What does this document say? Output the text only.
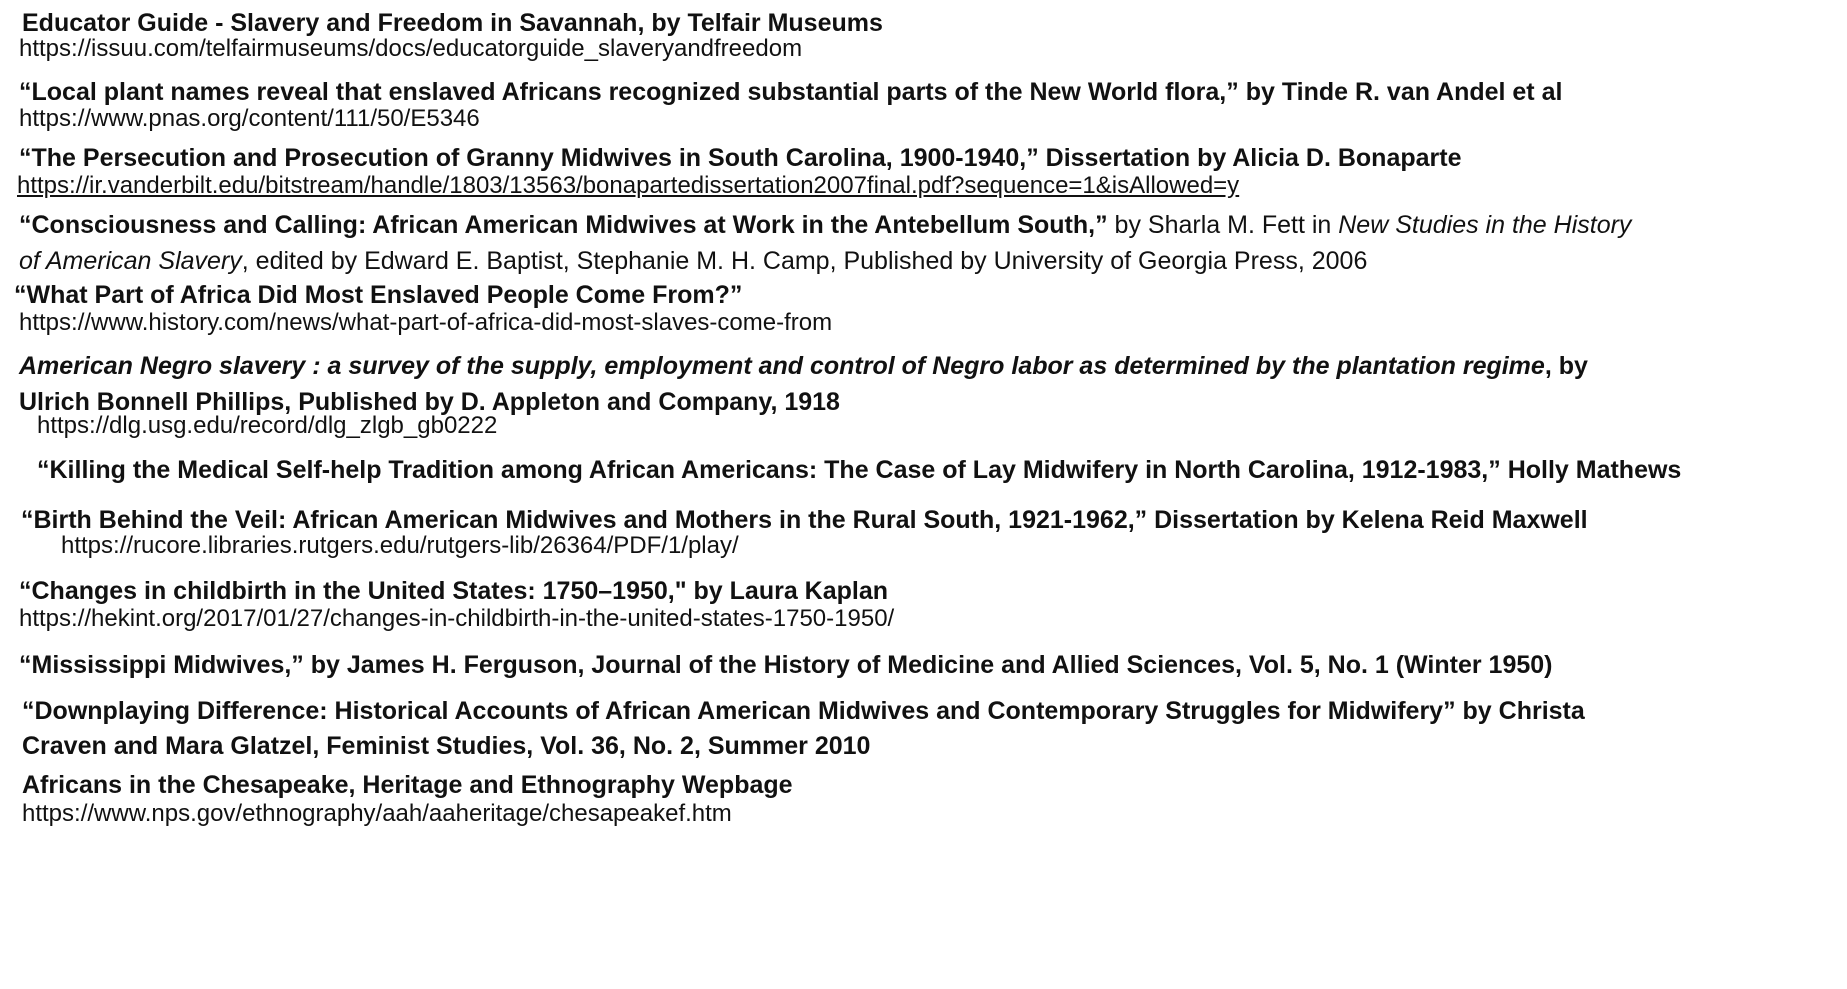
Educator Guide - Slavery and Freedom in Savannah, by Telfair Museums
https://issuu.com/telfairmuseums/docs/educatorguide_slaveryandfreedom
“Local plant names reveal that enslaved Africans recognized substantial parts of the New World flora,” by Tinde R. van Andel et al
https://www.pnas.org/content/111/50/E5346
“The Persecution and Prosecution of Granny Midwives in South Carolina, 1900-1940,” Dissertation by Alicia D. Bonaparte
https://ir.vanderbilt.edu/bitstream/handle/1803/13563/bonapartedissertation2007final.pdf?sequence=1&isAllowed=y
“Consciousness and Calling: African American Midwives at Work in the Antebellum South,” by Sharla M. Fett in New Studies in the History
of American Slavery, edited by Edward E. Baptist, Stephanie M. H. Camp, Published by University of Georgia Press, 2006
“What Part of Africa Did Most Enslaved People Come From?”
https://www.history.com/news/what-part-of-africa-did-most-slaves-come-from
American Negro slavery : a survey of the supply, employment and control of Negro labor as determined by the plantation regime, by
Ulrich Bonnell Phillips, Published by D. Appleton and Company, 1918
https://dlg.usg.edu/record/dlg_zlgb_gb0222
“Killing the Medical Self-help Tradition among African Americans: The Case of Lay Midwifery in North Carolina, 1912-1983,” Holly Mathews
“Birth Behind the Veil: African American Midwives and Mothers in the Rural South, 1921-1962,” Dissertation by Kelena Reid Maxwell
https://rucore.libraries.rutgers.edu/rutgers-lib/26364/PDF/1/play/
“Changes in childbirth in the United States: 1750–1950," by Laura Kaplan
https://hekint.org/2017/01/27/changes-in-childbirth-in-the-united-states-1750-1950/
“Mississippi Midwives,” by James H. Ferguson, Journal of the History of Medicine and Allied Sciences, Vol. 5, No. 1 (Winter 1950)
“Downplaying Difference: Historical Accounts of African American Midwives and Contemporary Struggles for Midwifery” by Christa
Craven and Mara Glatzel, Feminist Studies, Vol. 36, No. 2, Summer 2010
Africans in the Chesapeake, Heritage and Ethnography Wepbage
https://www.nps.gov/ethnography/aah/aaheritage/chesapeakef.htm
